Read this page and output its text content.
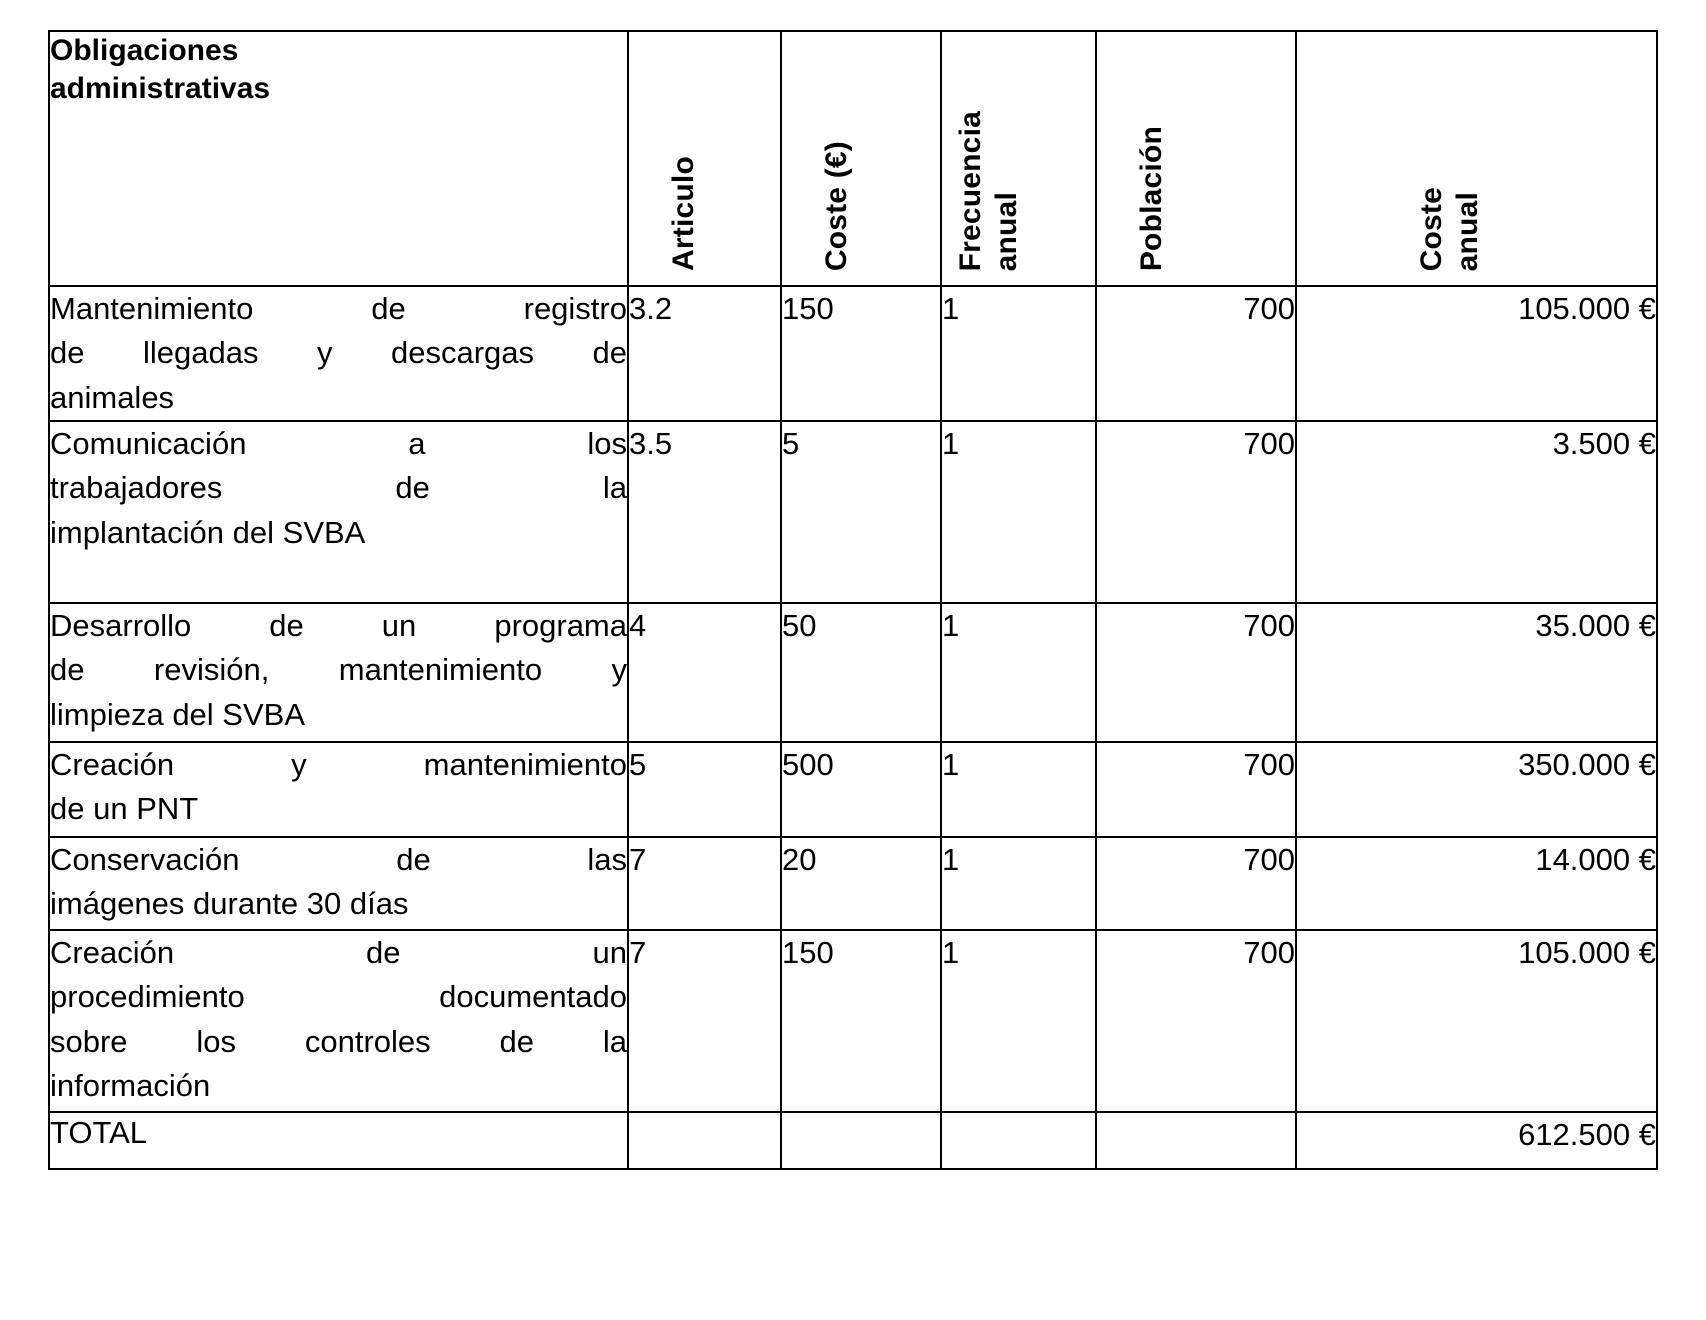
Obligaciones
administrativas	Articulo	Coste (€)	Frecuencia anual	Población	Coste anual

Mantenimiento de registro
de llegadas y descargas de
animales	3.2	150	1	700	105.000 €

Comunicación a los
trabajadores de la
implantación del SVBA	3.5	5	1	700	3.500 €

Desarrollo de un programa
de revisión, mantenimiento y
limpieza del SVBA	4	50	1	700	35.000 €

Creación y mantenimiento
de un PNT	5	500	1	700	350.000 €

Conservación de las
imágenes durante 30 días	7	20	1	700	14.000 €

Creación de un
procedimiento documentado
sobre los controles de la
información	7	150	1	700	105.000 €
TOTAL					612.500 €
